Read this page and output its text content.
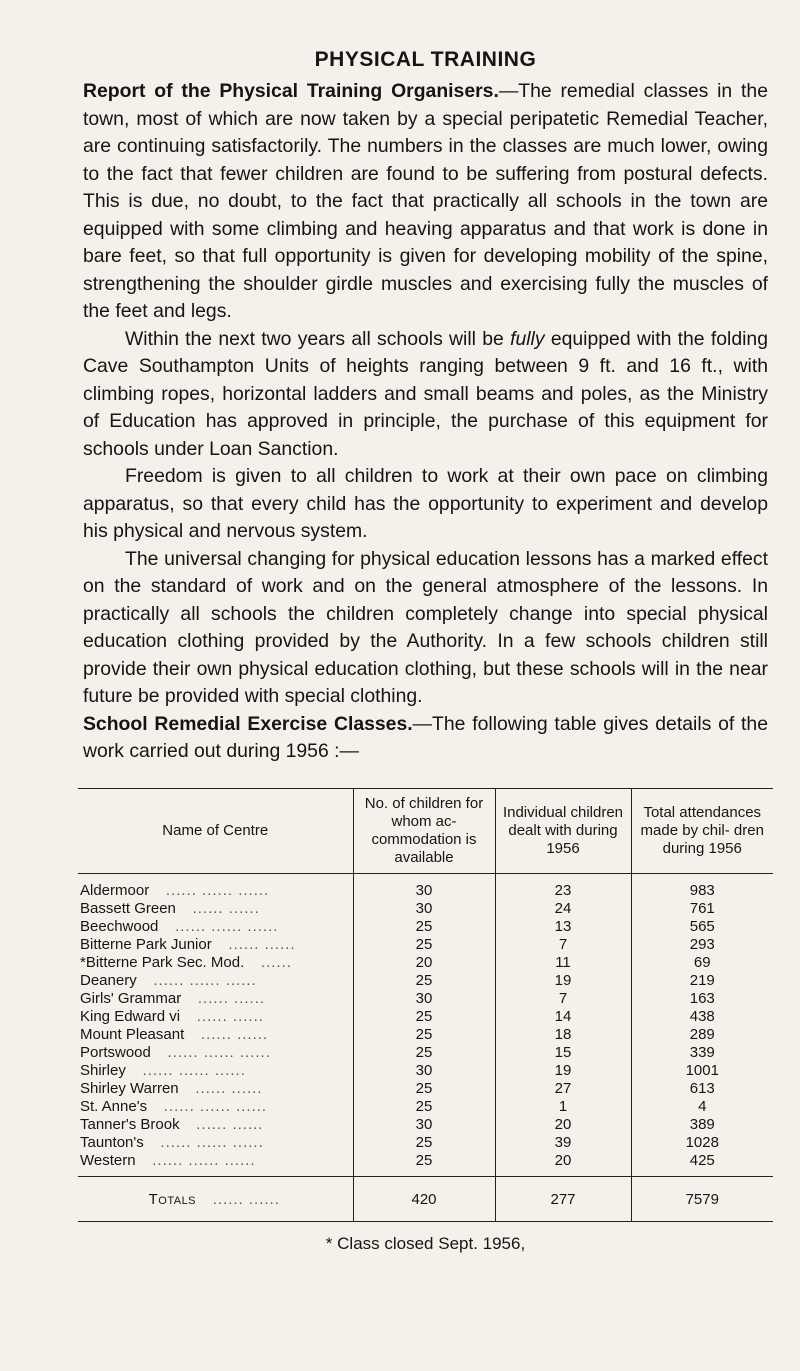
PHYSICAL TRAINING

Report of the Physical Training Organisers.—The remedial classes in the town, most of which are now taken by a special peripatetic Remedial Teacher, are continuing satisfactorily. The numbers in the classes are much lower, owing to the fact that fewer children are found to be suffering from postural defects. This is due, no doubt, to the fact that practically all schools in the town are equipped with some climbing and heaving apparatus and that work is done in bare feet, so that full opportunity is given for developing mobility of the spine, strengthening the shoulder girdle muscles and exercising fully the muscles of the feet and legs.

Within the next two years all schools will be fully equipped with the folding Cave Southampton Units of heights ranging between 9 ft. and 16 ft., with climbing ropes, horizontal ladders and small beams and poles, as the Ministry of Education has approved in principle, the purchase of this equipment for schools under Loan Sanction.

Freedom is given to all children to work at their own pace on climbing apparatus, so that every child has the opportunity to experiment and develop his physical and nervous system.

The universal changing for physical education lessons has a marked effect on the standard of work and on the general atmosphere of the lessons. In practically all schools the children completely change into special physical education clothing provided by the Authority. In a few schools children still provide their own physical education clothing, but these schools will in the near future be provided with special clothing.

School Remedial Exercise Classes.—The following table gives details of the work carried out during 1956 :—

Name of Centre	No. of children for whom ac- commodation is available	Individual children dealt with during 1956	Total attendances made by chil- dren during 1956
Aldermoor ...... ...... ......	30	23	983
Bassett Green ...... ......	30	24	761
Beechwood ...... ...... ......	25	13	565
Bitterne Park Junior ...... ......	25	7	293
*Bitterne Park Sec. Mod. ......	20	11	69
Deanery ...... ...... ......	25	19	219
Girls' Grammar ...... ......	30	7	163
King Edward vi ...... ......	25	14	438
Mount Pleasant ...... ......	25	18	289
Portswood ...... ...... ......	25	15	339
Shirley ...... ...... ......	30	19	1001
Shirley Warren ...... ......	25	27	613
St. Anne's ...... ...... ......	25	1	4
Tanner's Brook ...... ......	30	20	389
Taunton's ...... ...... ......	25	39	1028
Western ...... ...... ......	25	20	425
Totals ...... ......	420	277	7579
* Class closed Sept. 1956,
